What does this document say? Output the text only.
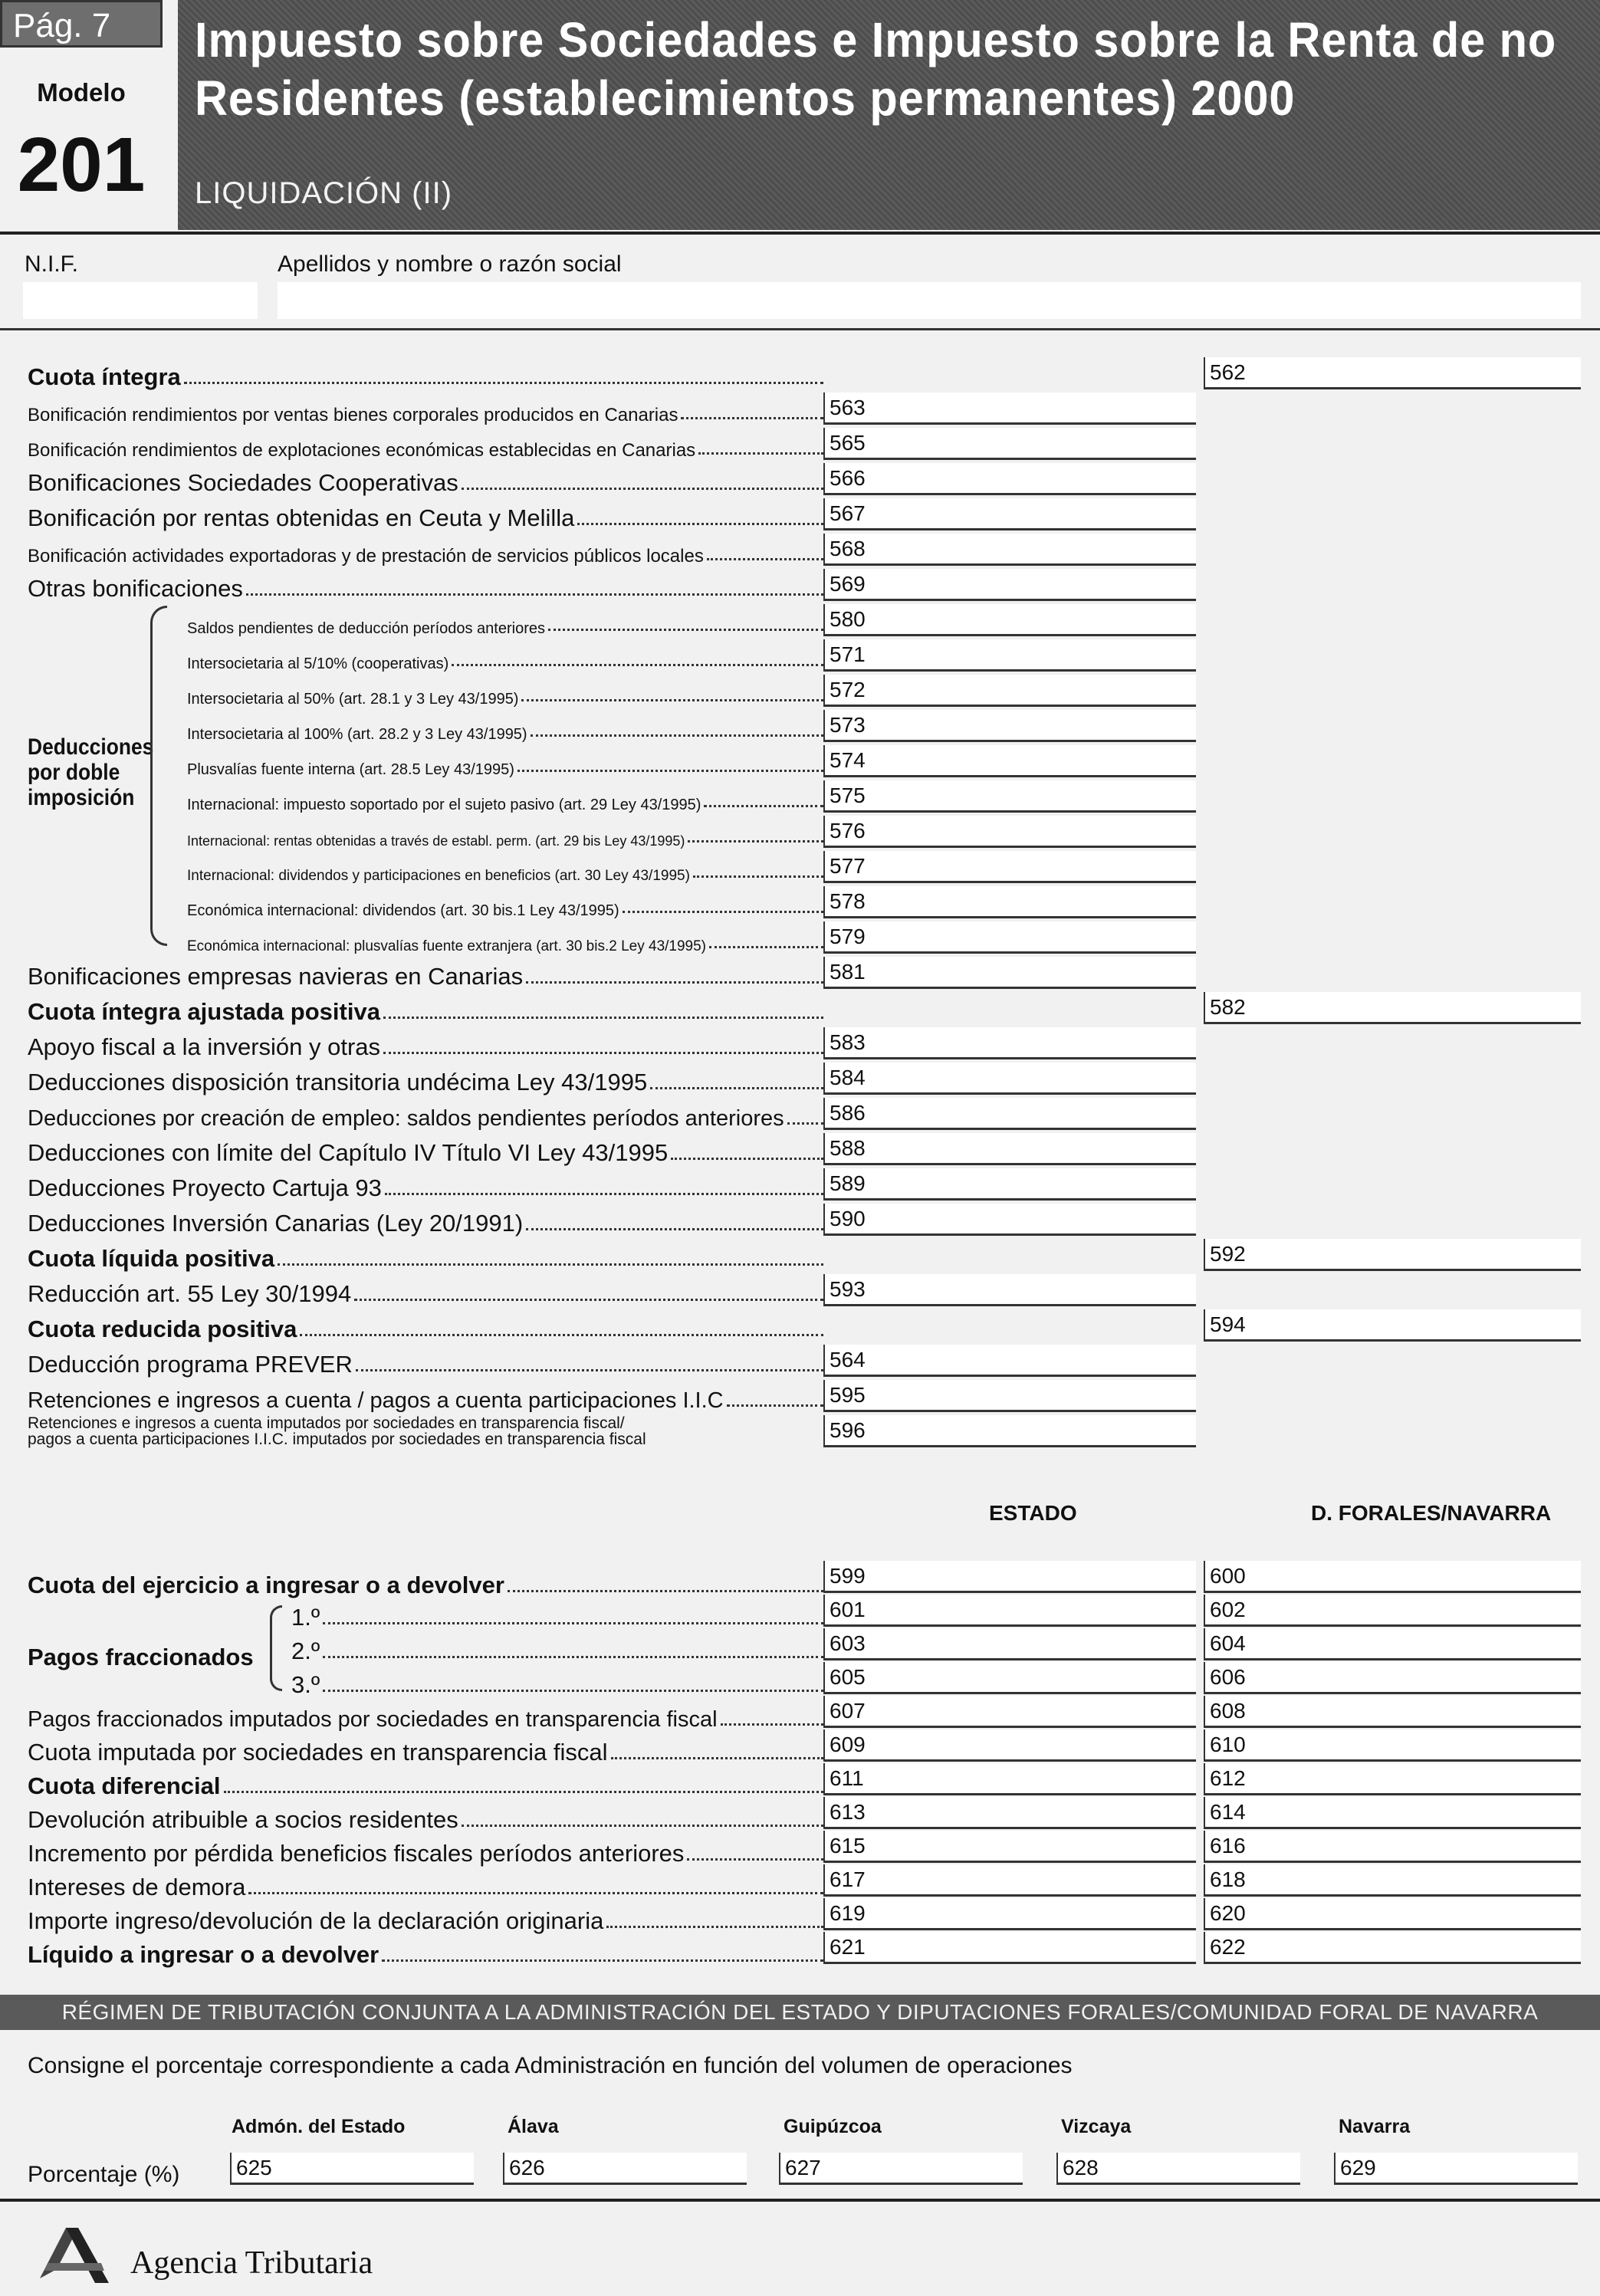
Pág. 7
Modelo
201
Impuesto sobre Sociedades e Impuesto sobre la Renta de no
Residentes (establecimientos permanentes) 2000
LIQUIDACIÓN (II)
N.I.F.	Apellidos y nombre o razón social
Cuota íntegra	562
Bonificación rendimientos por ventas bienes corporales producidos en Canarias	563
Bonificación rendimientos de explotaciones económicas establecidas en Canarias	565
Bonificaciones Sociedades Cooperativas	566
Bonificación por rentas obtenidas en Ceuta y Melilla	567
Bonificación actividades exportadoras y de prestación de servicios públicos locales	568
Otras bonificaciones	569
Deducciones por doble imposición
Saldos pendientes de deducción períodos anteriores	580
Intersocietaria al 5/10% (cooperativas)	571
Intersocietaria al 50% (art. 28.1 y 3 Ley 43/1995)	572
Intersocietaria al 100% (art. 28.2 y 3 Ley 43/1995)	573
Plusvalías fuente interna (art. 28.5 Ley 43/1995)	574
Internacional: impuesto soportado por el sujeto pasivo (art. 29 Ley 43/1995)	575
Internacional: rentas obtenidas a través de establ. perm. (art. 29 bis Ley 43/1995)	576
Internacional: dividendos y participaciones en beneficios (art. 30 Ley 43/1995)	577
Económica internacional: dividendos (art. 30 bis.1 Ley 43/1995)	578
Económica internacional: plusvalías fuente extranjera (art. 30 bis.2 Ley 43/1995)	579
Bonificaciones empresas navieras en Canarias	581
Cuota íntegra ajustada positiva	582
Apoyo fiscal a la inversión y otras	583
Deducciones disposición transitoria undécima Ley 43/1995	584
Deducciones por creación de empleo: saldos pendientes períodos anteriores 586
Deducciones con límite del Capítulo IV Título VI Ley 43/1995	588
Deducciones Proyecto Cartuja 93	589
Deducciones Inversión Canarias (Ley 20/1991)	590
Cuota líquida positiva	592
Reducción art. 55 Ley 30/1994	593
Cuota reducida positiva	594
Deducción programa PREVER	564
Retenciones e ingresos a cuenta / pagos a cuenta participaciones I.I.C	595
Retenciones e ingresos a cuenta imputados por sociedades en transparencia fiscal/
pagos a cuenta participaciones I.I.C. imputados por sociedades en transparencia fiscal	596
ESTADO	D. FORALES/NAVARRA
Cuota del ejercicio a ingresar o a devolver	599	600
Pagos fraccionados
1.º	601	602
2.º	603	604
3.º	605	606
Pagos fraccionados imputados por sociedades en transparencia fiscal	607	608
Cuota imputada por sociedades en transparencia fiscal	609	610
Cuota diferencial	611	612
Devolución atribuible a socios residentes	613	614
Incremento por pérdida beneficios fiscales períodos anteriores	615	616
Intereses de demora	617	618
Importe ingreso/devolución de la declaración originaria	619	620
Líquido a ingresar o a devolver	621	622
RÉGIMEN DE TRIBUTACIÓN CONJUNTA A LA ADMINISTRACIÓN DEL ESTADO Y DIPUTACIONES FORALES/COMUNIDAD FORAL DE NAVARRA
Consigne el porcentaje correspondiente a cada Administración en función del volumen de operaciones
Admón. del Estado	Álava	Guipúzcoa	Vizcaya	Navarra
Porcentaje (%)	625	626	627	628	629
Agencia Tributaria
